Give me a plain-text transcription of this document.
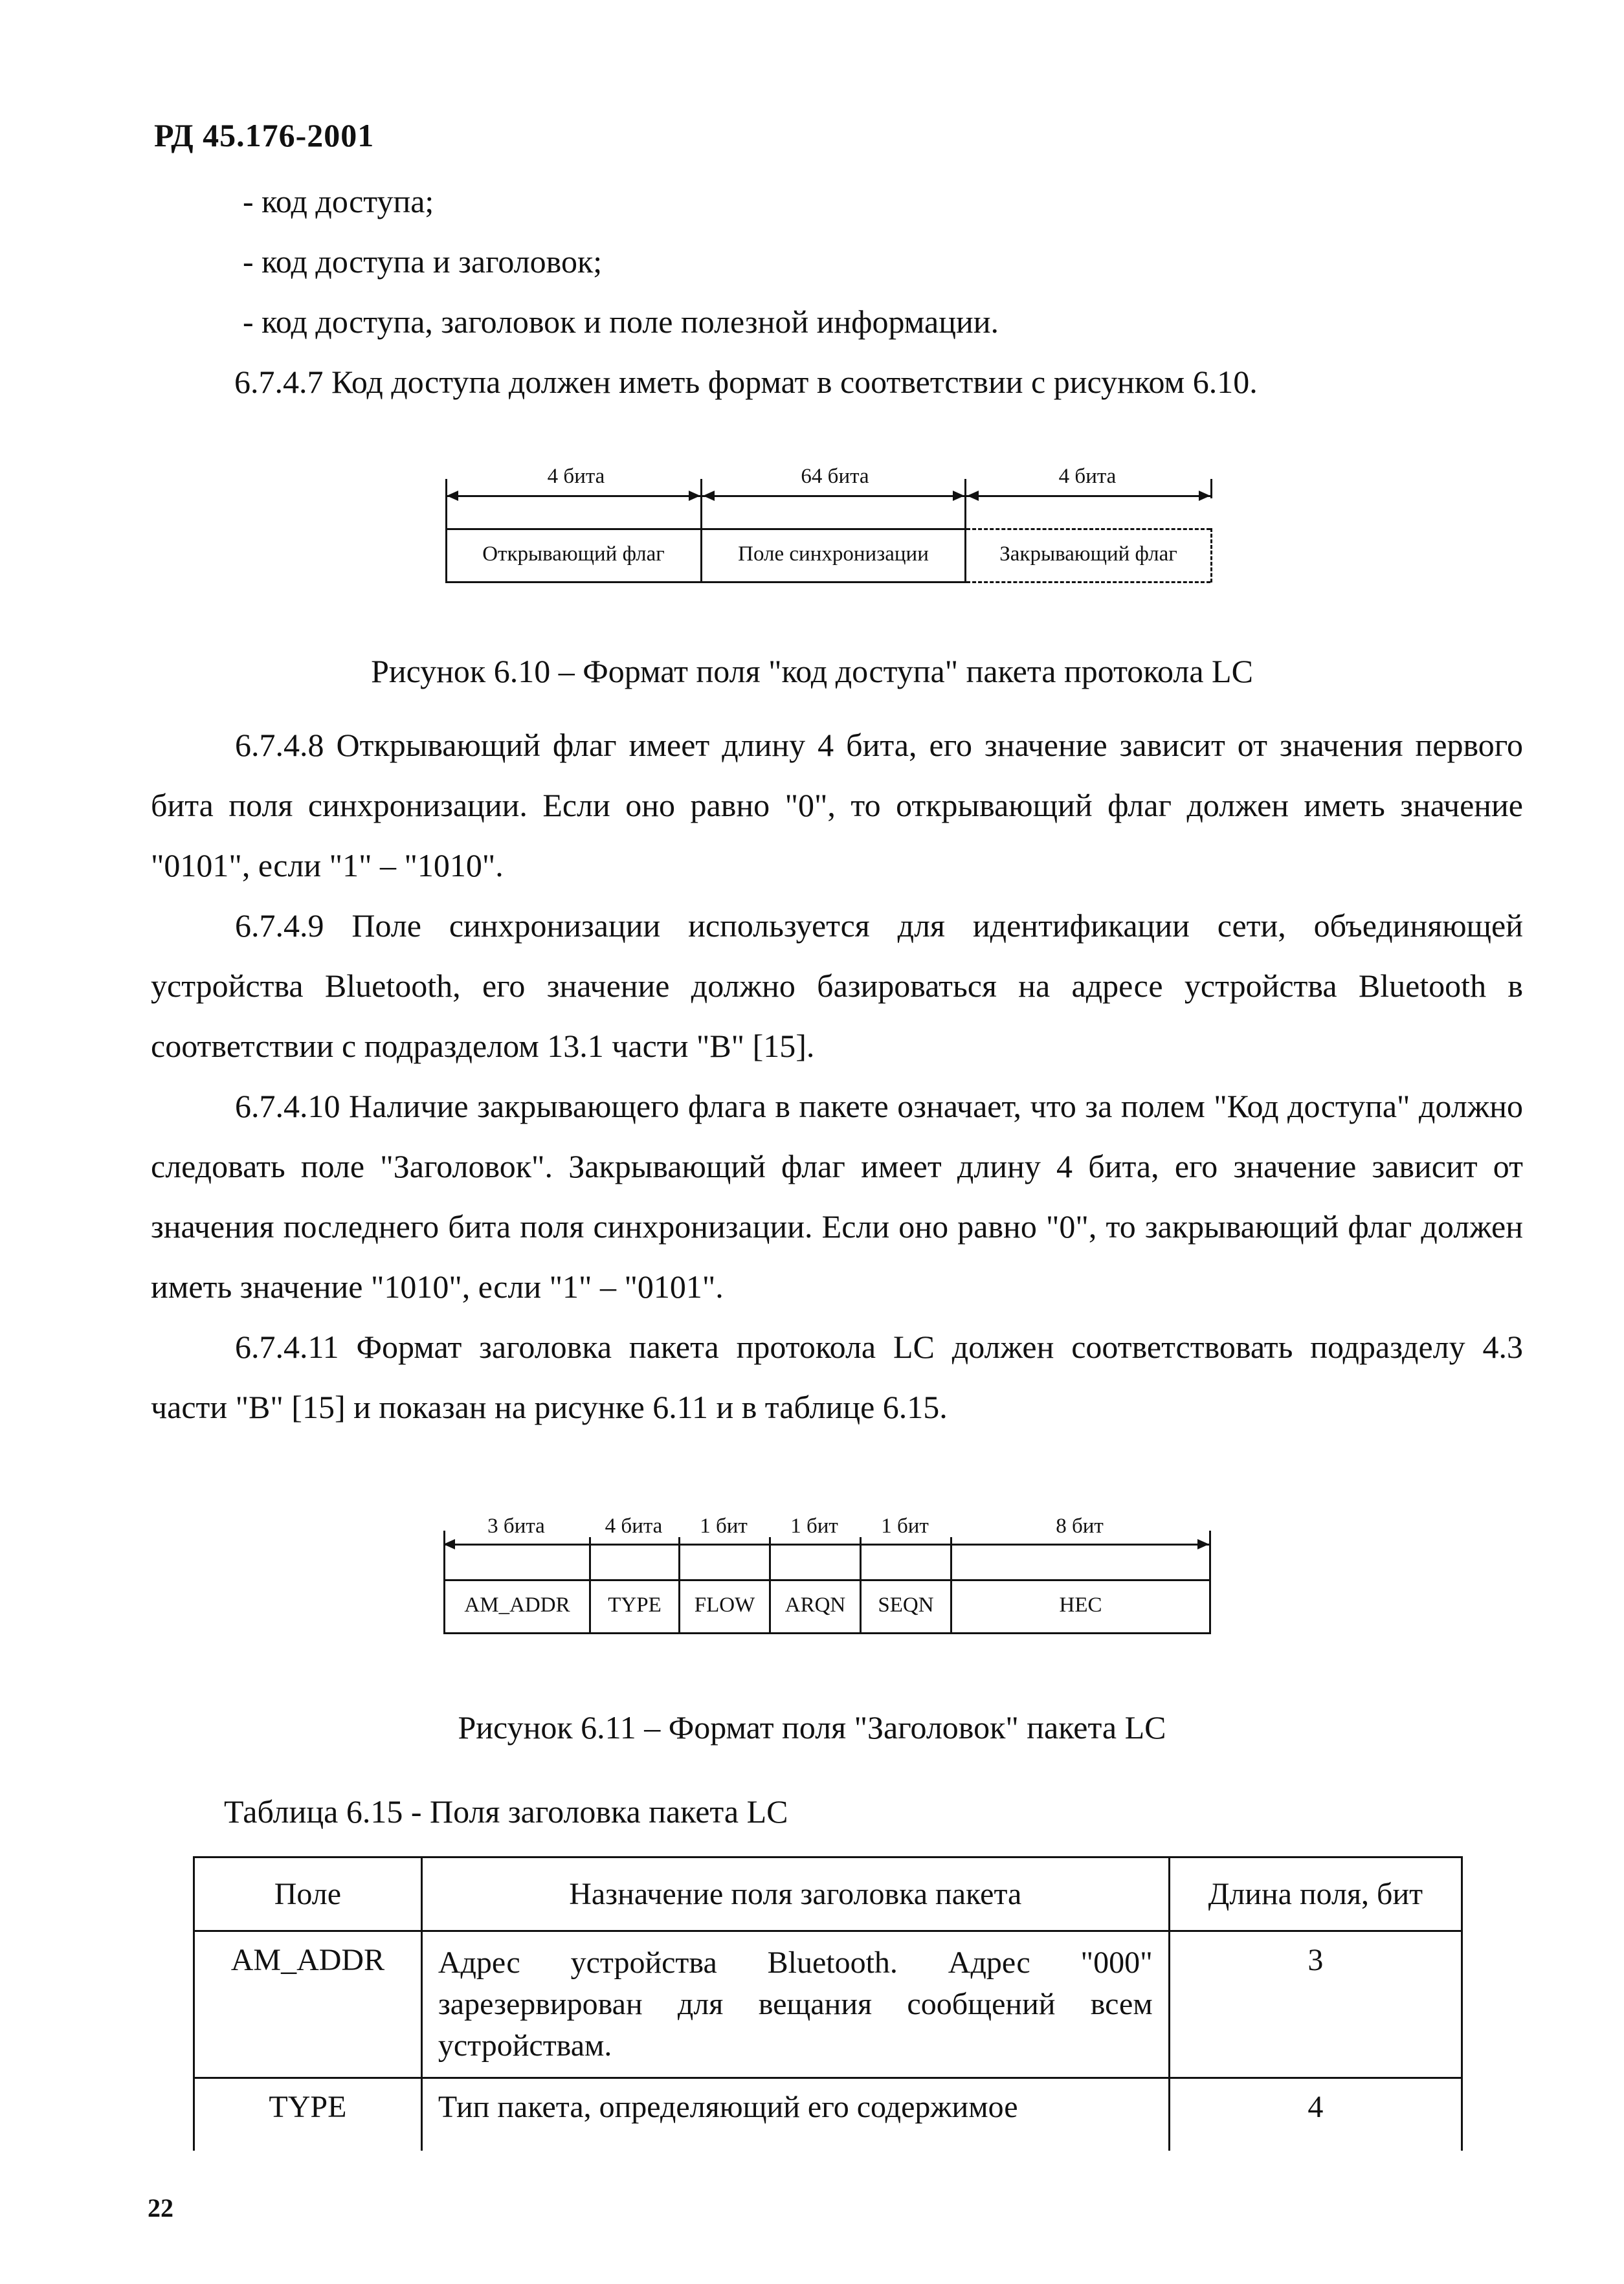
РД 45.176-2001
- код доступа;
- код доступа и заголовок;
- код доступа, заголовок и поле полезной информации.
6.7.4.7 Код доступа должен иметь формат в соответствии с рисунком 6.10.
4 бита	64 бита	4 бита
Открывающий флаг	Поле синхронизации	Закрывающий флаг
Рисунок 6.10 – Формат поля "код доступа" пакета протокола LC

6.7.4.8 Открывающий флаг имеет длину 4 бита, его значение зависит от значения первого бита поля синхронизации. Если оно равно "0", то открывающий флаг должен иметь значение "0101", если "1" – "1010".

6.7.4.9 Поле синхронизации используется для идентификации сети, объединяющей устройства Bluetooth, его значение должно базироваться на адресе устройства Bluetooth в соответствии с подразделом 13.1 части "B" [15].

6.7.4.10 Наличие закрывающего флага в пакете означает, что за полем "Код доступа" должно следовать поле "Заголовок". Закрывающий флаг имеет длину 4 бита, его значение зависит от значения последнего бита поля синхронизации. Если оно равно "0", то закрывающий флаг должен иметь значение "1010", если "1" – "0101".

6.7.4.11 Формат заголовка пакета протокола LC должен соответствовать подразделу 4.3 части "B" [15] и показан на рисунке 6.11 и в таблице 6.15.

3 бита	4 бита	1 бит	1 бит	1 бит	8 бит
AM_ADDR	TYPE	FLOW	ARQN	SEQN	HEC
Рисунок 6.11 – Формат поля "Заголовок" пакета LC
Таблица 6.15 - Поля заголовка пакета LC
Поле	Назначение поля заголовка пакета	Длина поля, бит
AM_ADDR	Адрес устройства Bluetooth. Адрес "000" зарезервирован для вещания сообщений всем устройствам.	3
TYPE	Тип пакета, определяющий его содержимое	4
22
